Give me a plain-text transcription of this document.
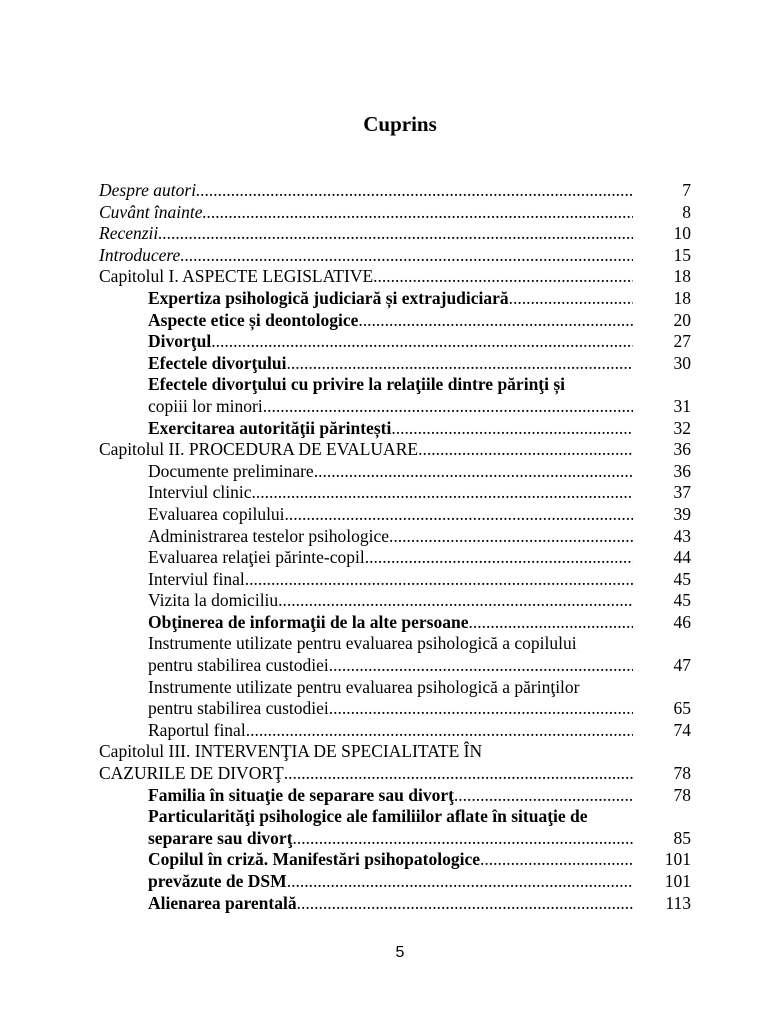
Cuprins
Despre autori .....	7
Cuvânt înainte .....	8
Recenzii .....	10
Introducere .....	15
Capitolul I. ASPECTE LEGISLATIVE .....	18
Expertiza psihologică judiciară și extrajudiciară .....	18
Aspecte etice și deontologice .....	20
Divorţul .....	27
Efectele divorţului .....	30
Efectele divorţului cu privire la relaţiile dintre părinţi și
copiii lor minori .....	31
Exercitarea autorităţii părintești .....	32
Capitolul II. PROCEDURA DE EVALUARE .....	36
Documente preliminare .....	36
Interviul clinic .....	37
Evaluarea copilului .....	39
Administrarea testelor psihologice .....	43
Evaluarea relaţiei părinte-copil .....	44
Interviul final .....	45
Vizita la domiciliu .....	45
Obţinerea de informaţii de la alte persoane .....	46
Instrumente utilizate pentru evaluarea psihologică a copilului
pentru stabilirea custodiei .....	47
Instrumente utilizate pentru evaluarea psihologică a părinţilor
pentru stabilirea custodiei .....	65
Raportul final .....	74
Capitolul III. INTERVENŢIA DE SPECIALITATE ÎN
CAZURILE DE DIVORŢ .....	78
Familia în situaţie de separare sau divorţ .....	78
Particularităţi psihologice ale familiilor aflate în situaţie de
separare sau divorţ .....	85
Copilul în criză. Manifestări psihopatologice .....	101
prevăzute de DSM .....	101
Alienarea parentală .....	113
5
